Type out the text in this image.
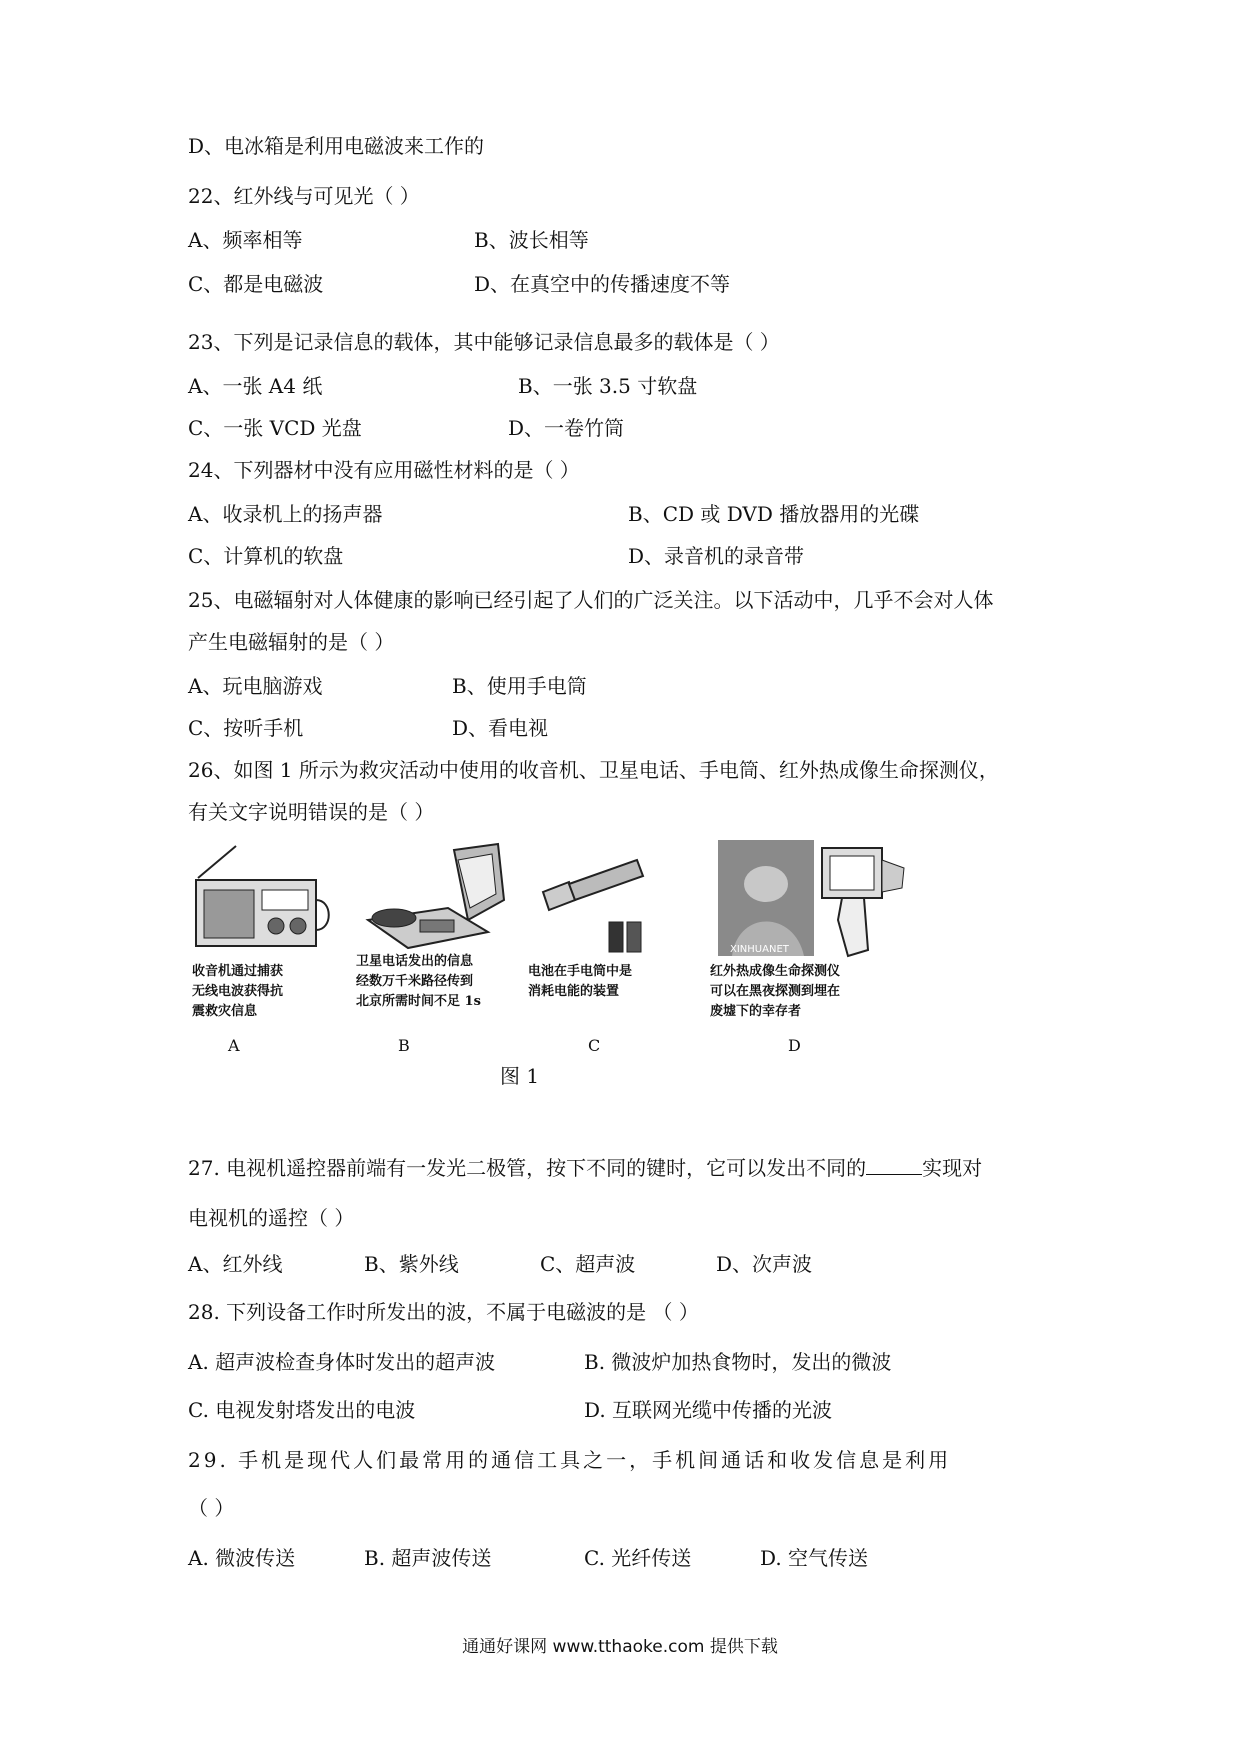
D、电冰箱是利用电磁波来工作的
22、红外线与可见光（ ）
A、频率相等	B、波长相等
C、都是电磁波	D、在真空中的传播速度不等
23、下列是记录信息的载体，其中能够记录信息最多的载体是（ ）
A、一张 A4 纸	B、一张 3.5 寸软盘
C、一张 VCD 光盘	D、一卷竹筒
24、下列器材中没有应用磁性材料的是（ ）
A、收录机上的扬声器	B、CD 或 DVD 播放器用的光碟
C、计算机的软盘	D、录音机的录音带
25、电磁辐射对人体健康的影响已经引起了人们的广泛关注。以下活动中，几乎不会对人体
产生电磁辐射的是（ ）
A、玩电脑游戏	B、使用手电筒
C、按听手机	D、看电视
26、如图 1 所示为救灾活动中使用的收音机、卫星电话、手电筒、红外热成像生命探测仪，
有关文字说明错误的是（ ）
收音机通过捕获
无线电波获得抗
震救灾信息
A
卫星电话发出的信息
经数万千米路径传到
北京所需时间不足 1s
B
电池在手电筒中是
消耗电能的装置
C
XINHUANET
红外热成像生命探测仪
可以在黑夜探测到埋在
废墟下的幸存者
D
图 1
27. 电视机遥控器前端有一发光二极管，按下不同的键时，它可以发出不同的	实现对
电视机的遥控（ ）
A、红外线	B、紫外线	C、超声波	D、次声波
28. 下列设备工作时所发出的波，不属于电磁波的是 （ ）
A. 超声波检查身体时发出的超声波	B. 微波炉加热食物时，发出的微波
C. 电视发射塔发出的电波	D. 互联网光缆中传播的光波
29. 手机是现代人们最常用的通信工具之一，手机间通话和收发信息是利用
（ ）
A. 微波传送	B. 超声波传送	C. 光纤传送	D. 空气传送
通通好课网 www.tthaoke.com 提供下载
